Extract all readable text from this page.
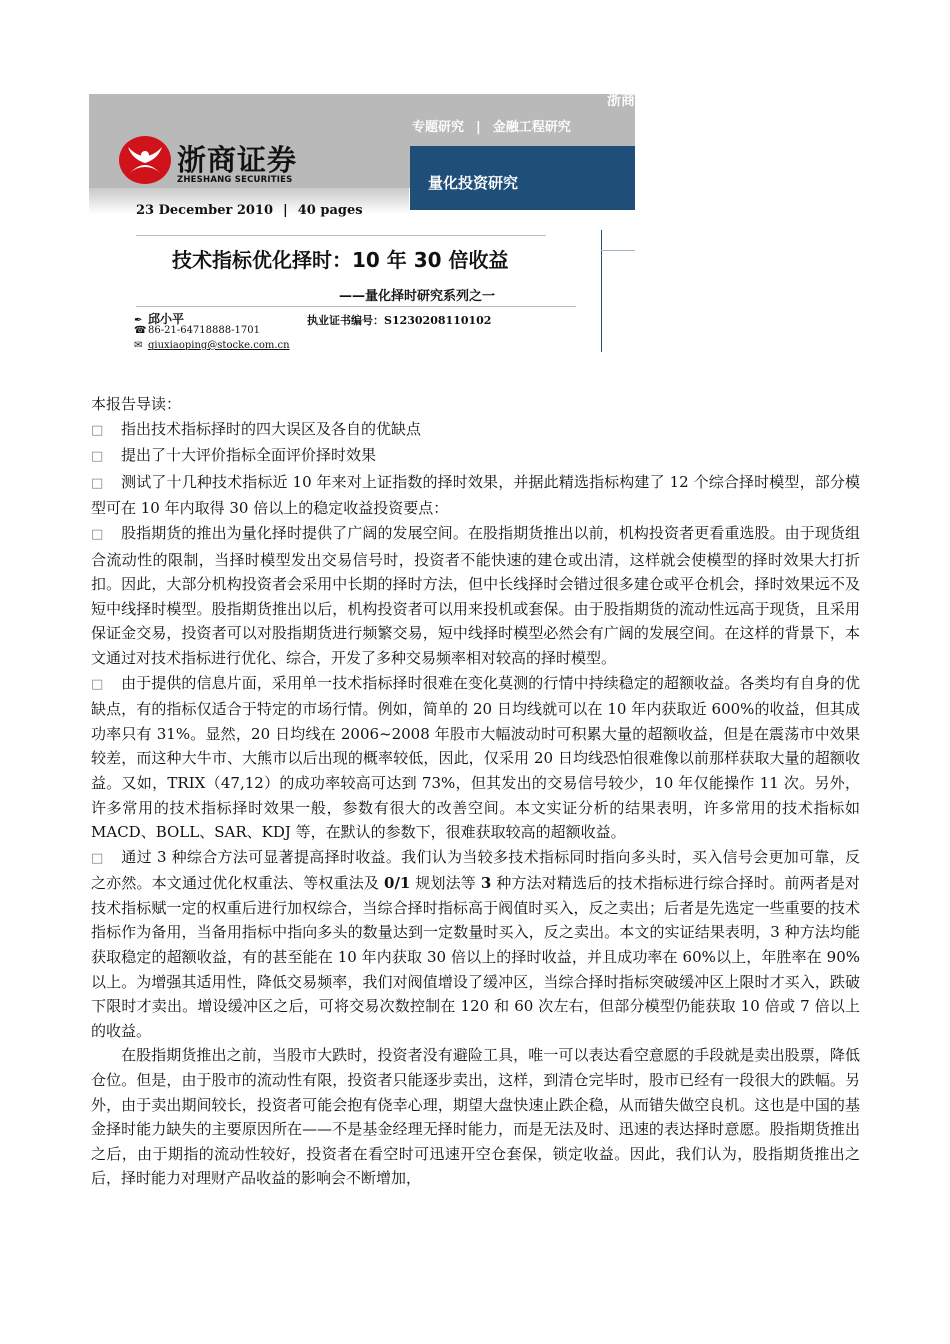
浙商
浙商证券
ZHESHANG SECURITIES
专题研究 | 金融工程研究
量化投资研究
23 December 2010 | 40 pages
技术指标优化择时：10 年 30 倍收益
——量化择时研究系列之一
✒ 邱小平
☎ 86-21-64718888-1701
✉ qiuxiaoping@stocke.com.cn
执业证书编号：S1230208110102

本报告导读：

□ 指出技术指标择时的四大误区及各自的优缺点

□ 提出了十大评价指标全面评价择时效果

□ 测试了十几种技术指标近 10 年来对上证指数的择时效果，并据此精选指标构建了 12 个综合择时模型，部分模型可在 10 年内取得 30 倍以上的稳定收益投资要点：

□ 股指期货的推出为量化择时提供了广阔的发展空间。在股指期货推出以前，机构投资者更看重选股。由于现货组合流动性的限制，当择时模型发出交易信号时，投资者不能快速的建仓或出清，这样就会使模型的择时效果大打折扣。因此，大部分机构投资者会采用中长期的择时方法，但中长线择时会错过很多建仓或平仓机会，择时效果远不及短中线择时模型。股指期货推出以后，机构投资者可以用来投机或套保。由于股指期货的流动性远高于现货，且采用保证金交易，投资者可以对股指期货进行频繁交易，短中线择时模型必然会有广阔的发展空间。在这样的背景下，本文通过对技术指标进行优化、综合，开发了多种交易频率相对较高的择时模型。

□ 由于提供的信息片面，采用单一技术指标择时很难在变化莫测的行情中持续稳定的超额收益。各类均有自身的优缺点，有的指标仅适合于特定的市场行情。例如，简单的 20 日均线就可以在 10 年内获取近 600%的收益，但其成功率只有 31%。显然，20 日均线在 2006~2008 年股市大幅波动时可积累大量的超额收益，但是在震荡市中效果较差，而这种大牛市、大熊市以后出现的概率较低，因此，仅采用 20 日均线恐怕很难像以前那样获取大量的超额收益。又如，TRIX（47,12）的成功率较高可达到 73%，但其发出的交易信号较少，10 年仅能操作 11 次。另外，许多常用的技术指标择时效果一般，参数有很大的改善空间。本文实证分析的结果表明，许多常用的技术指标如 MACD、BOLL、SAR、KDJ 等，在默认的参数下，很难获取较高的超额收益。

□ 通过 3 种综合方法可显著提高择时收益。我们认为当较多技术指标同时指向多头时，买入信号会更加可靠，反之亦然。本文通过优化权重法、等权重法及 0/1 规划法等 3 种方法对精选后的技术指标进行综合择时。前两者是对技术指标赋一定的权重后进行加权综合，当综合择时指标高于阀值时买入，反之卖出；后者是先选定一些重要的技术指标作为备用，当备用指标中指向多头的数量达到一定数量时买入，反之卖出。本文的实证结果表明，3 种方法均能获取稳定的超额收益，有的甚至能在 10 年内获取 30 倍以上的择时收益，并且成功率在 60%以上，年胜率在 90%以上。为增强其适用性，降低交易频率，我们对阀值增设了缓冲区，当综合择时指标突破缓冲区上限时才买入，跌破下限时才卖出。增设缓冲区之后，可将交易次数控制在 120 和 60 次左右，但部分模型仍能获取 10 倍或 7 倍以上的收益。

在股指期货推出之前，当股市大跌时，投资者没有避险工具，唯一可以表达看空意愿的手段就是卖出股票，降低仓位。但是，由于股市的流动性有限，投资者只能逐步卖出，这样，到清仓完毕时，股市已经有一段很大的跌幅。另外，由于卖出期间较长，投资者可能会抱有侥幸心理，期望大盘快速止跌企稳，从而错失做空良机。这也是中国的基金择时能力缺失的主要原因所在——不是基金经理无择时能力，而是无法及时、迅速的表达择时意愿。股指期货推出之后，由于期指的流动性较好，投资者在看空时可迅速开空仓套保，锁定收益。因此，我们认为，股指期货推出之后，择时能力对理财产品收益的影响会不断增加，
